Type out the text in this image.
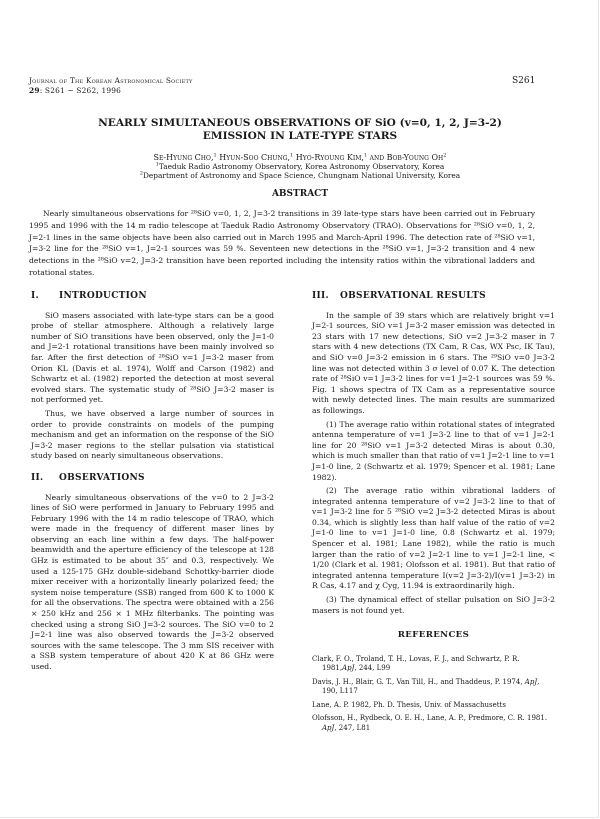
Journal of The Korean Astronomical Society
29: S261 ~ S262, 1996
S261
NEARLY SIMULTANEOUS OBSERVATIONS OF SiO (v=0, 1, 2, J=3-2)
EMISSION IN LATE-TYPE STARS
Se-Hyung Cho,$^1$ Hyun-Soo Chung,$^1$ Hyo-Ryoung Kim,$^1$ and Bob-Young Oh$^2$
$^1$Taeduk Radio Astronomy Observatory, Korea Astronomy Observatory, Korea
$^2$Department of Astronomy and Space Science, Chungnam National University, Korea
ABSTRACT
Nearly simultaneous observations for ²⁸SiO v=0, 1, 2, J=3-2 transitions in 39 late-type stars have been carried out in February 1995 and 1996 with the 14 m radio telescope at Taeduk Radio Astronomy Observatory (TRAO). Observations for ²⁸SiO v=0, 1, 2, J=2-1 lines in the same objects have been also carried out in March 1995 and March-April 1996. The detection rate of ²⁸SiO v=1, J=3-2 line for the ²⁸SiO v=1, J=2-1 sources was 59 %. Seventeen new detections in the ²⁸SiO v=1, J=3-2 transition and 4 new detections in the ²⁸SiO v=2, J=3-2 transition have been reported including the intensity ratios within the vibrational ladders and rotational states.
I. INTRODUCTION

SiO masers associated with late-type stars can be a good probe of stellar atmosphere. Although a relatively large number of SiO transitions have been observed, only the J=1-0 and J=2-1 rotational transitions have been mainly involved so far. After the first detection of ²⁸SiO v=1 J=3-2 maser from Orion KL (Davis et al. 1974), Wolff and Carson (1982) and Schwartz et al. (1982) reported the detection at most several evolved stars. The systematic study of ²⁸SiO J=3-2 maser is not performed yet.

Thus, we have observed a large number of sources in order to provide constraints on models of the pumping mechanism and get an information on the response of the SiO J=3-2 maser regions to the stellar pulsation via statistical study based on nearly simultaneous observations.

II. OBSERVATIONS

Nearly simultaneous observations of the v=0 to 2 J=3-2 lines of SiO were performed in January to February 1995 and February 1996 with the 14 m radio telescope of TRAO, which were made in the frequency of different maser lines by observing an each line within a few days. The half-power beamwidth and the aperture efficiency of the telescope at 128 GHz is estimated to be about 35″ and 0.3, respectively. We used a 125-175 GHz double-sideband Schottky-barrier diode mixer receiver with a horizontally linearly polarized feed; the system noise temperature (SSB) ranged from 600 K to 1000 K for all the observations. The spectra were obtained with a 256 × 250 kHz and 256 × 1 MHz filterbanks. The pointing was checked using a strong SiO J=3-2 sources. The SiO v=0 to 2 J=2-1 line was also observed towards the J=3-2 observed sources with the same telescope. The 3 mm SIS receiver with a SSB system temperature of about 420 K at 86 GHz were used.

III. OBSERVATIONAL RESULTS

In the sample of 39 stars which are relatively bright v=1 J=2-1 sources, SiO v=1 J=3-2 maser emission was detected in 23 stars with 17 new detections, SiO v=2 J=3-2 maser in 7 stars with 4 new detections (TX Cam, R Cas, WX Psc, IK Tau), and SiO v=0 J=3-2 emission in 6 stars. The ²⁹SiO v=0 J=3-2 line was not detected within 3 σ level of 0.07 K. The detection rate of ²⁸SiO v=1 J=3-2 lines for v=1 J=2-1 sources was 59 %. Fig. 1 shows spectra of TX Cam as a representative source with newly detected lines. The main results are summarized as followings.

(1) The average ratio within rotational states of integrated antenna temperature of v=1 J=3-2 line to that of v=1 J=2-1 line for 20 ²⁸SiO v=1 J=3-2 detected Miras is about 0.30, which is much smaller than that ratio of v=1 J=2-1 line to v=1 J=1-0 line, 2 (Schwartz et al. 1979; Spencer et al. 1981; Lane 1982).

(2) The average ratio within vibrational ladders of integrated antenna temperature of v=2 J=3-2 line to that of v=1 J=3-2 line for 5 ²⁸SiO v=2 J=3-2 detected Miras is about 0.34, which is slightly less than half value of the ratio of v=2 J=1-0 line to v=1 J=1-0 line, 0.8 (Schwartz et al. 1979; Spencer et al. 1981; Lane 1982), while the ratio is much larger than the ratio of v=2 J=2-1 line to v=1 J=2-1 line, < 1/20 (Clark et al. 1981; Olofsson et al. 1981). But that ratio of integrated antenna temperature I(v=2 J=3-2)/I(v=1 J=3-2) in R Cas, 4.17 and χ Cyg, 11.94 is extraordinarily high.

(3) The dynamical effect of stellar pulsation on SiO J=3-2 masers is not found yet.

REFERENCES
Clark, F. O., Troland, T. H., Lovas, F. J., and Schwartz, P. R. 1981,ApJ, 244, L99
Davis, J. H., Blair, G. T., Van Till, H., and Thaddeus, P. 1974, ApJ, 190, L117
Lane, A. P. 1982, Ph. D. Thesis, Univ. of Massachusetts
Olofsson, H., Rydbeck, O. E. H., Lane, A. P., Predmore, C. R. 1981. ApJ, 247, L81
